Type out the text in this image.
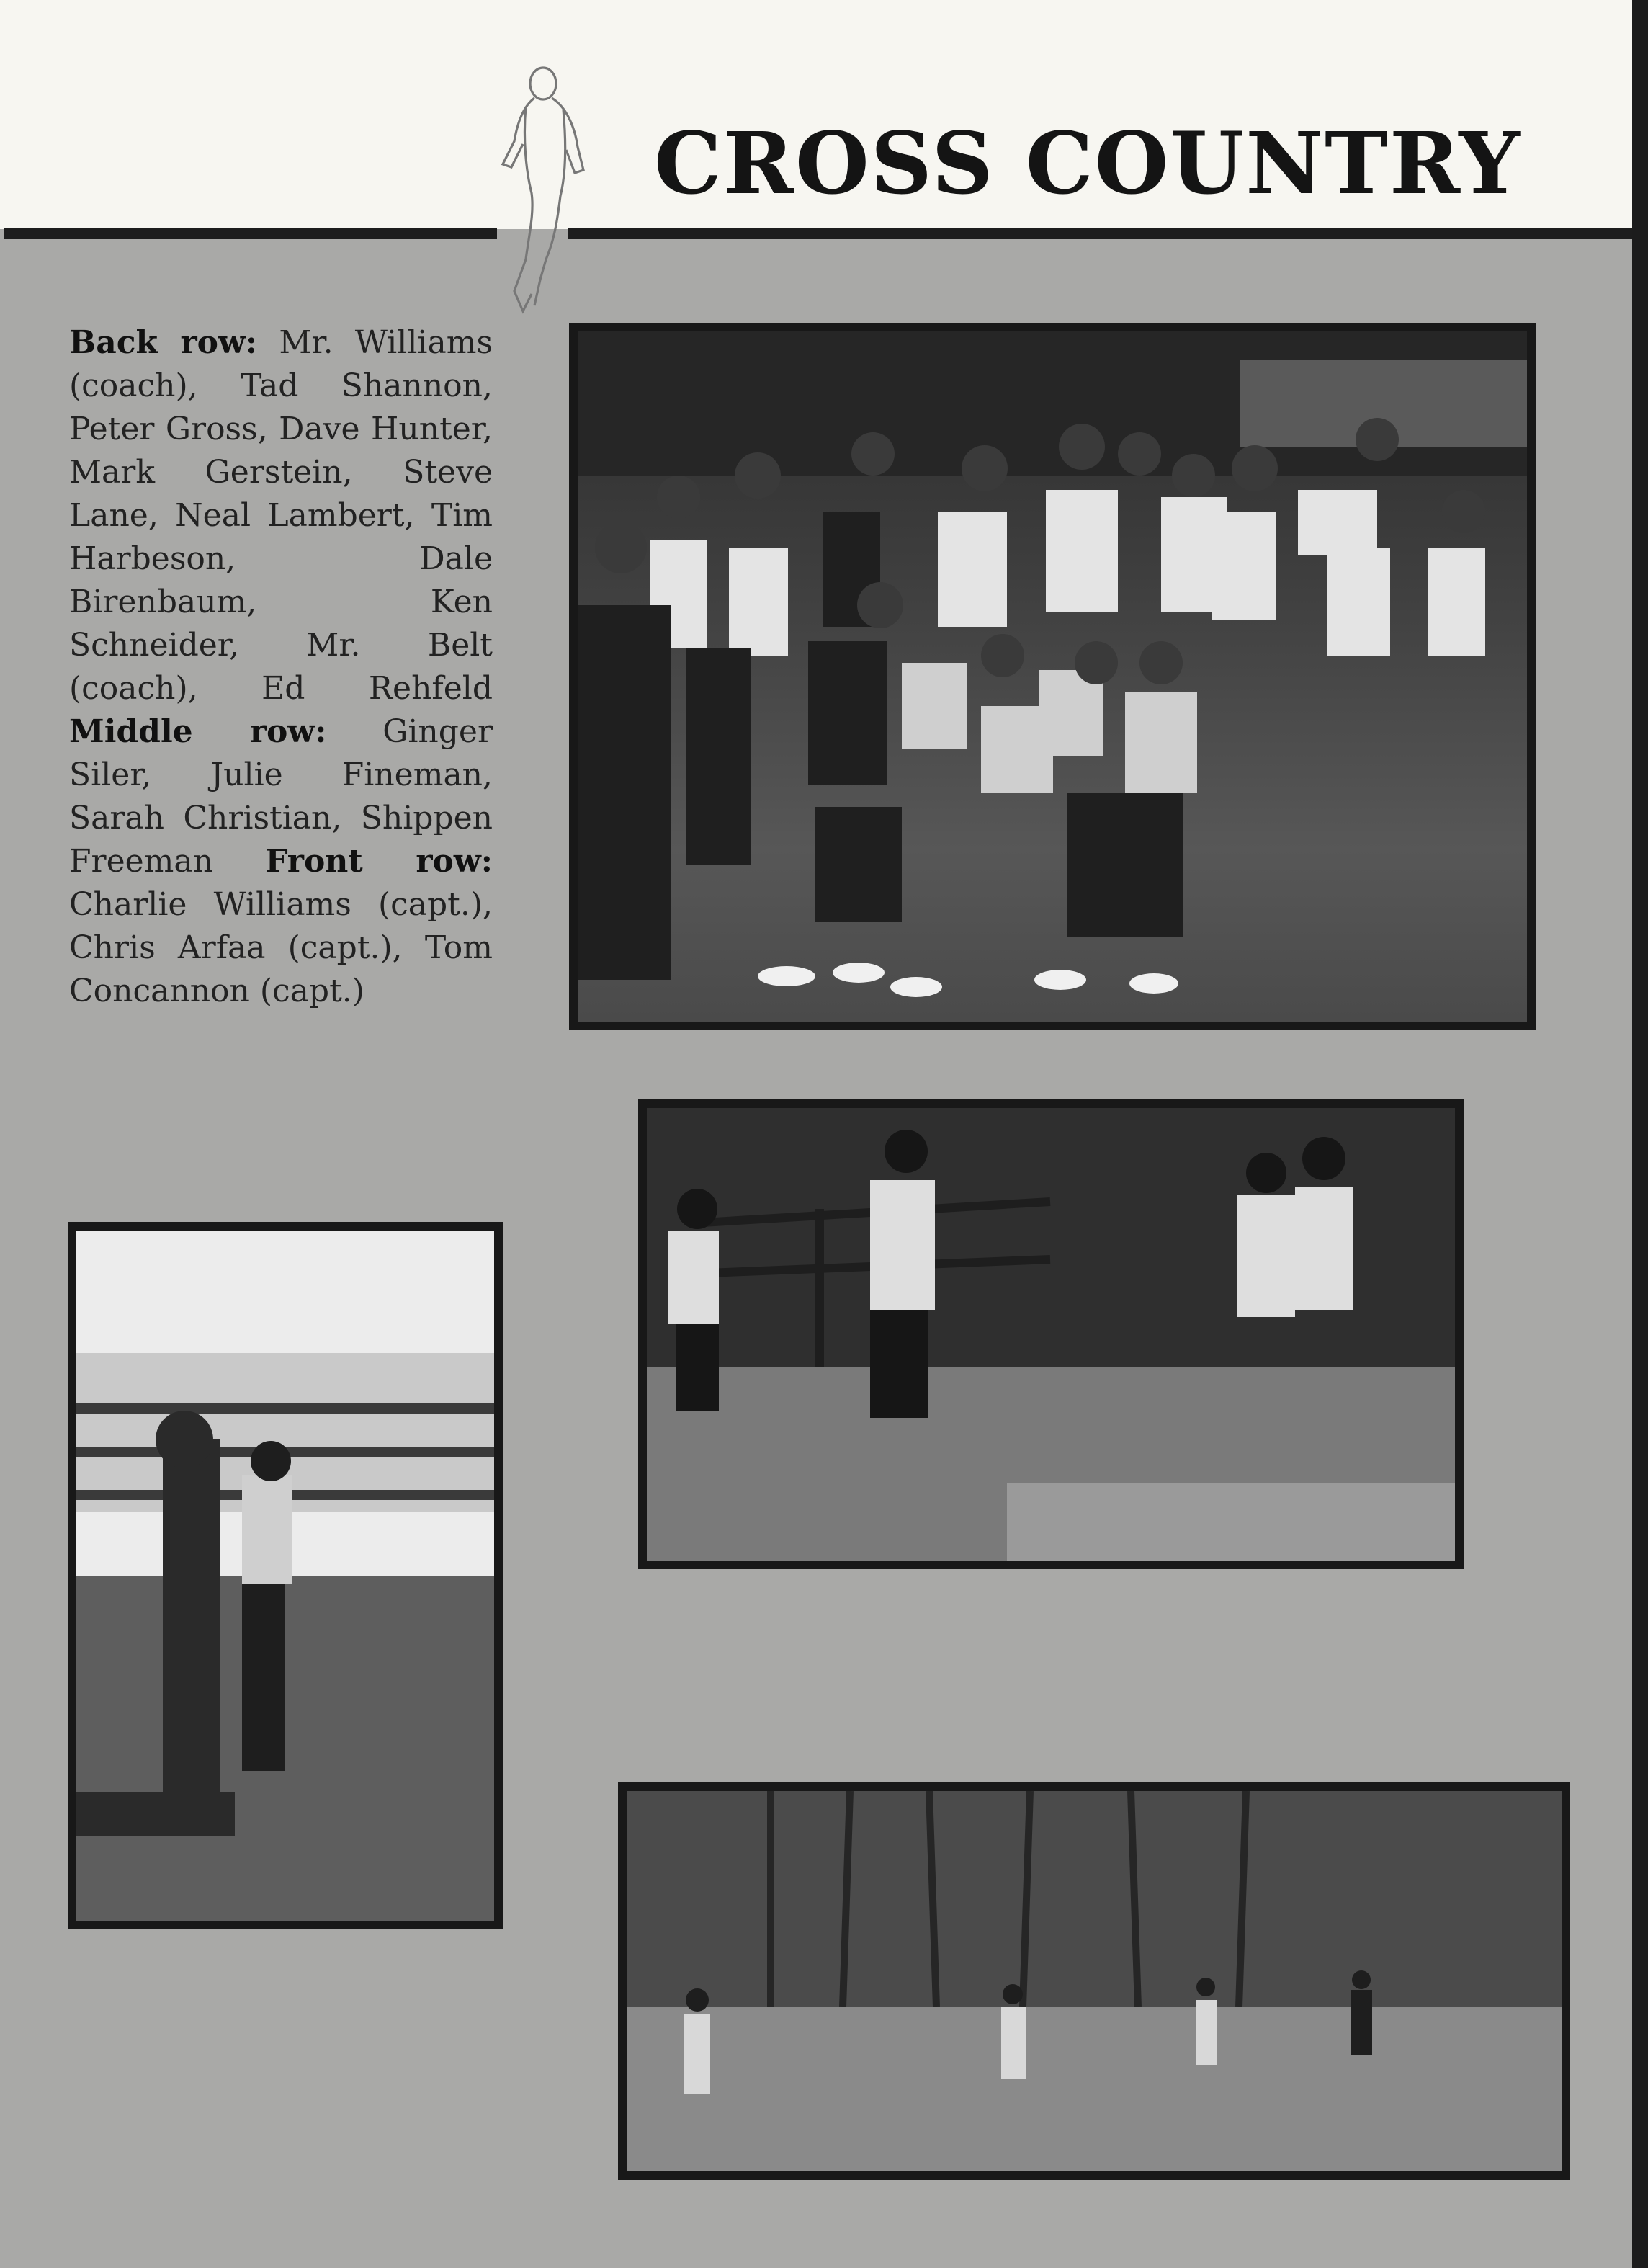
CROSS COUNTRY
Back row: Mr. Williams (coach), Tad Shannon, Peter Gross, Dave Hunter, Mark Gerstein, Steve Lane, Neal Lambert, Tim Harbeson, Dale Birenbaum, Ken Schneider, Mr. Belt (coach), Ed Rehfeld Middle row: Ginger Siler, Julie Fineman, Sarah Christian, Shippen Freeman Front row: Charlie Williams (capt.), Chris Arfaa (capt.), Tom Concannon (capt.)
